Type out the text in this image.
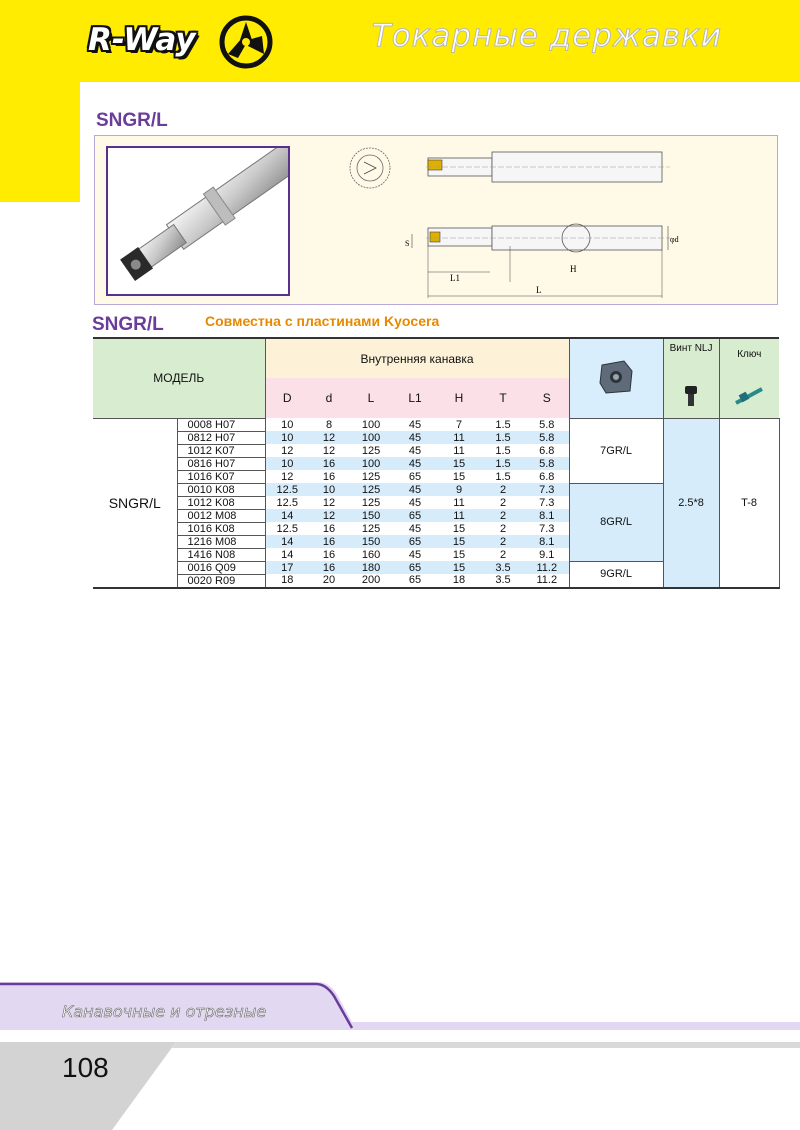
R-Way	Токарные державки
SNGR/L
S
L1
L
H
φd
SNGR/L	Совместна с пластинами Kyocera
МОДЕЛЬ		Внутренняя канавка								Винт NLJ	Ключ
		D	d	L	L1	H	T	S		
SNGR/L	0008 H07	10	8	100	45	7	1.5	5.8	7GR/L	2.5*8	T-8
	0812 H07	10	12	100	45	11	1.5	5.8			
	1012 K07	12	12	125	45	11	1.5	6.8			
	0816 H07	10	16	100	45	15	1.5	5.8			
	1016 K07	12	16	125	65	15	1.5	6.8			
	0010 K08	12.5	10	125	45	9	2	7.3	8GR/L		
	1012 K08	12.5	12	125	45	11	2	7.3			
	0012 M08	14	12	150	65	11	2	8.1			
	1016 K08	12.5	16	125	45	15	2	7.3			
	1216 M08	14	16	150	65	15	2	8.1			
	1416 N08	14	16	160	45	15	2	9.1			
	0016 Q09	17	16	180	65	15	3.5	11.2	9GR/L		
	0020 R09	18	20	200	65	18	3.5	11.2			
Канавочные и отрезные
108
